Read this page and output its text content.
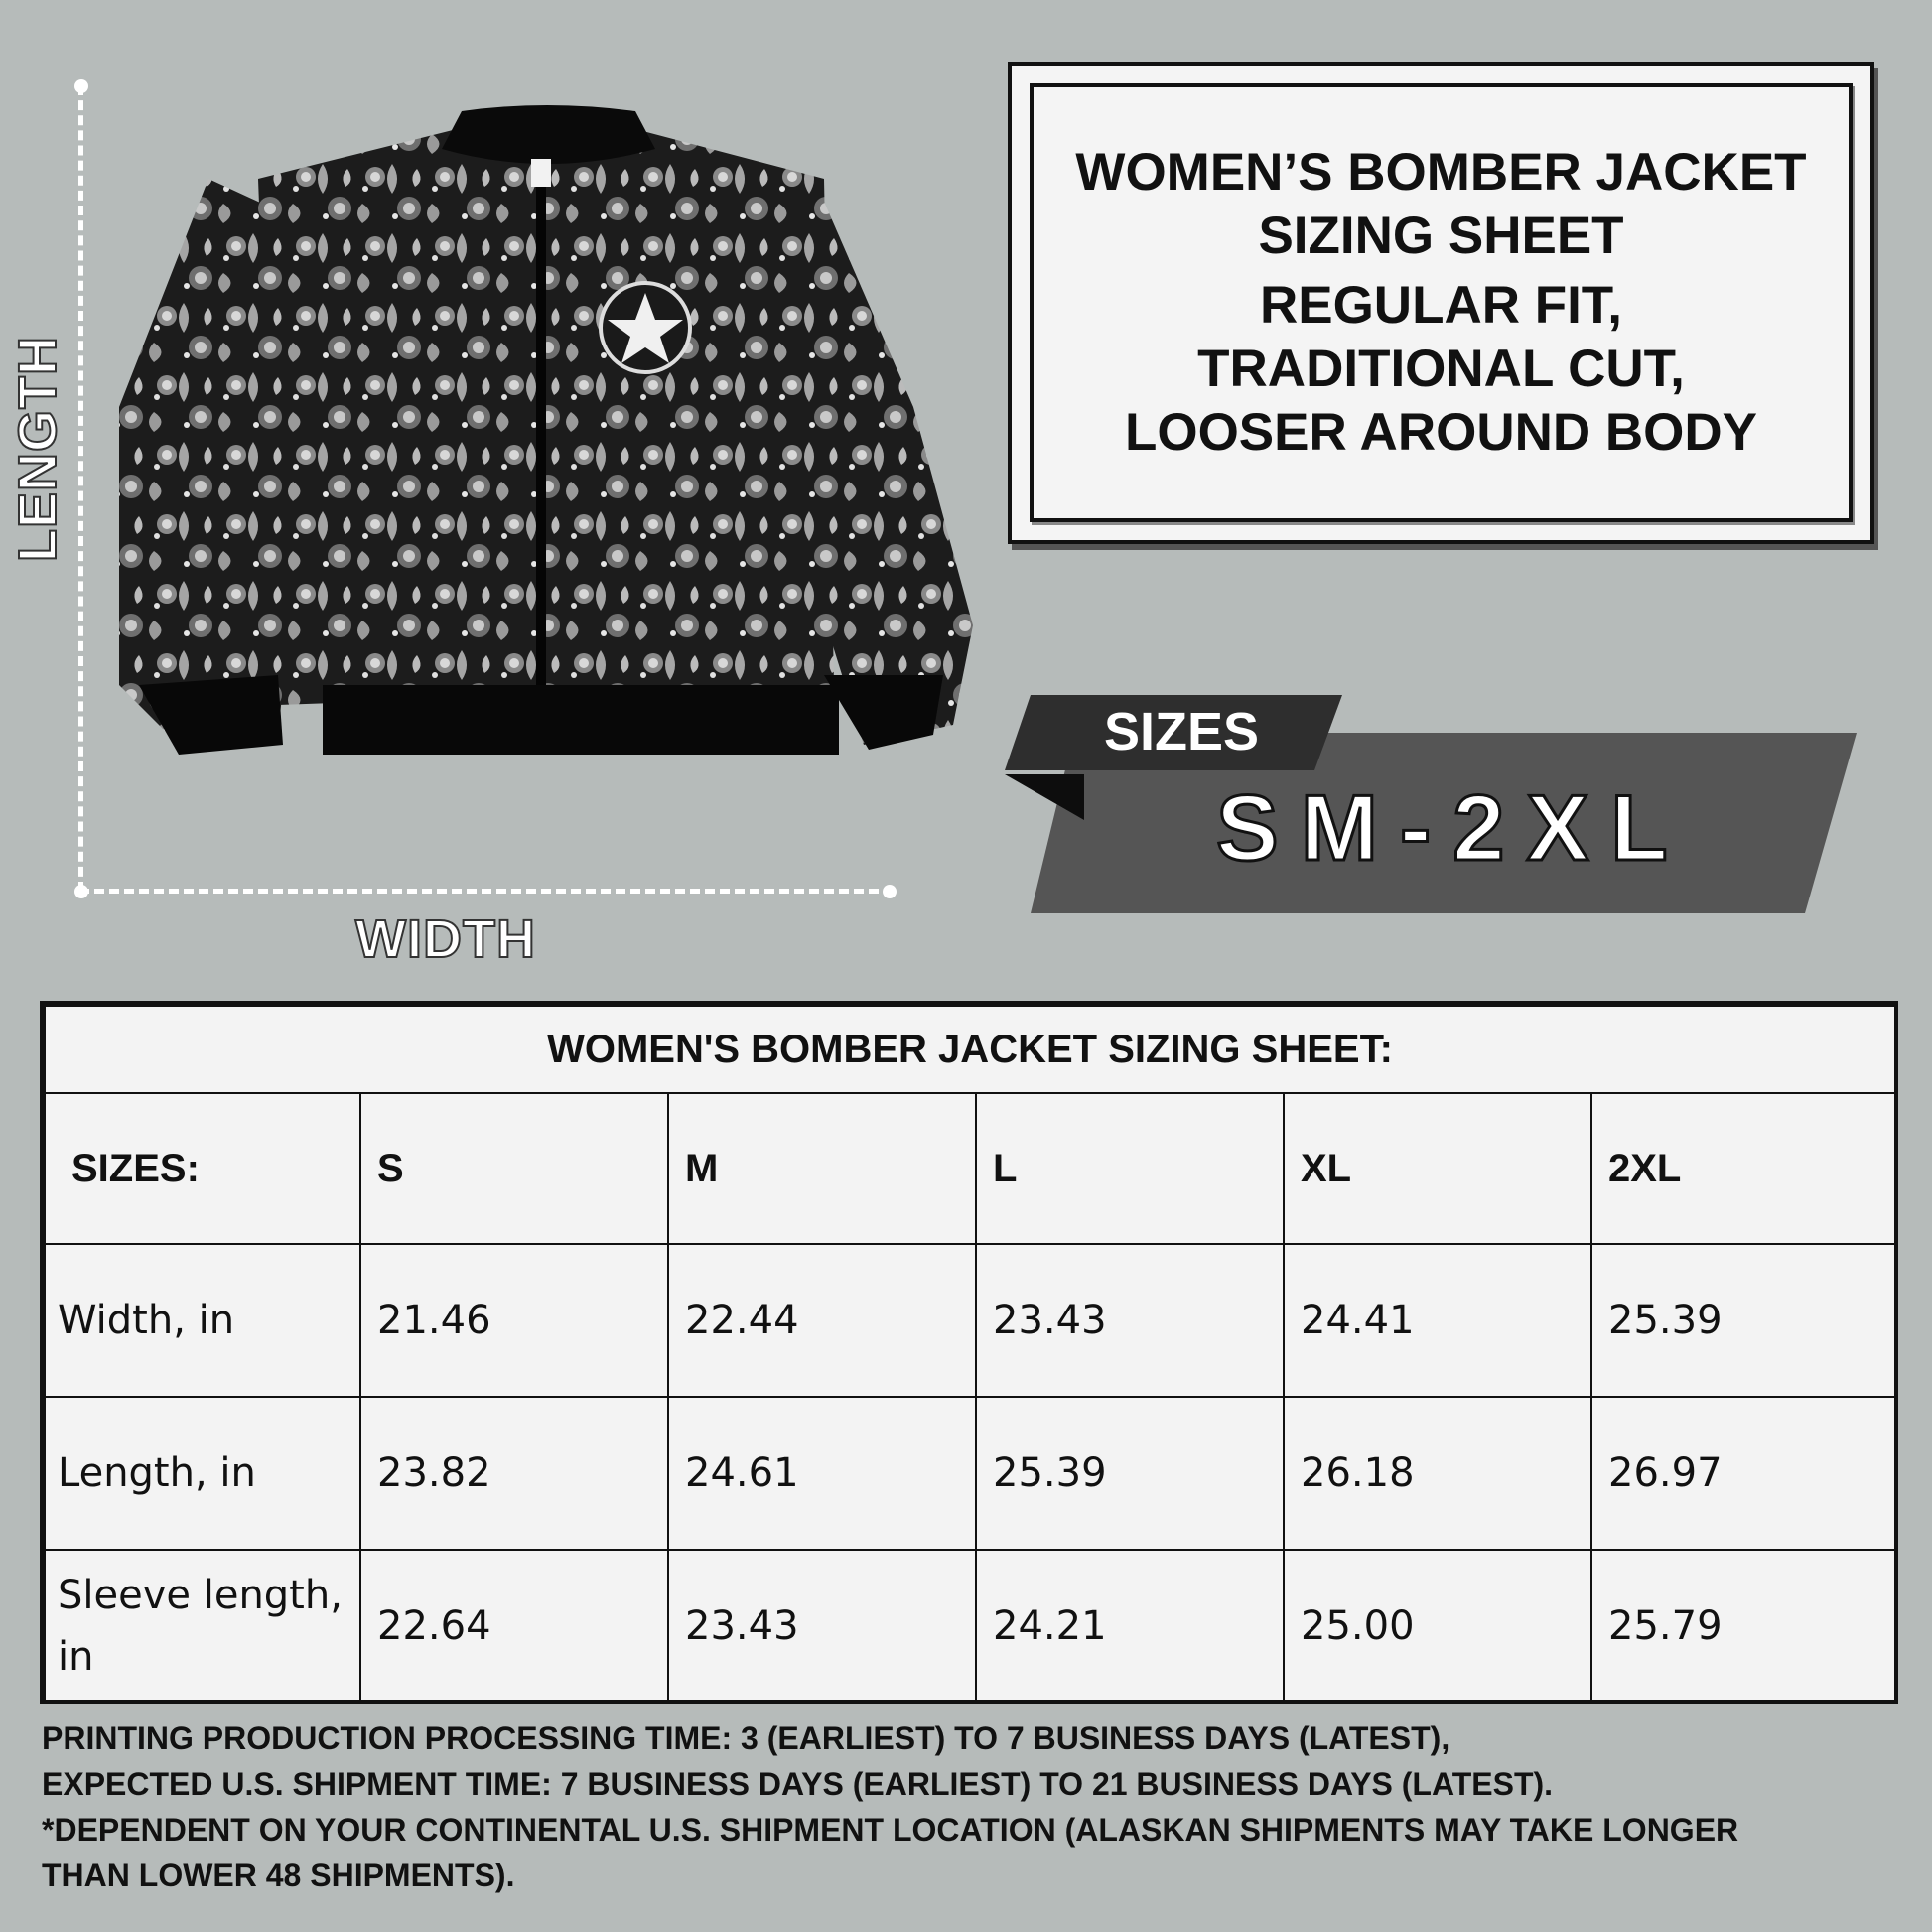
LENGTH
WIDTH
WOMEN’S BOMBER JACKET
SIZING SHEET
REGULAR FIT,
TRADITIONAL CUT,
LOOSER AROUND BODY
SIZES
SM-2XL
WOMEN'S BOMBER JACKET SIZING SHEET:					
SIZES:	S	M	L	XL	2XL
Width, in	21.46	22.44	23.43	24.41	25.39
Length, in	23.82	24.61	25.39	26.18	26.97
Sleeve length, in	22.64	23.43	24.21	25.00	25.79
PRINTING PRODUCTION PROCESSING TIME: 3 (EARLIEST) TO 7 BUSINESS DAYS (LATEST),
EXPECTED U.S. SHIPMENT TIME: 7 BUSINESS DAYS (EARLIEST) TO 21 BUSINESS DAYS (LATEST).
*DEPENDENT ON YOUR CONTINENTAL U.S. SHIPMENT LOCATION (ALASKAN SHIPMENTS MAY TAKE LONGER
THAN LOWER 48 SHIPMENTS).
